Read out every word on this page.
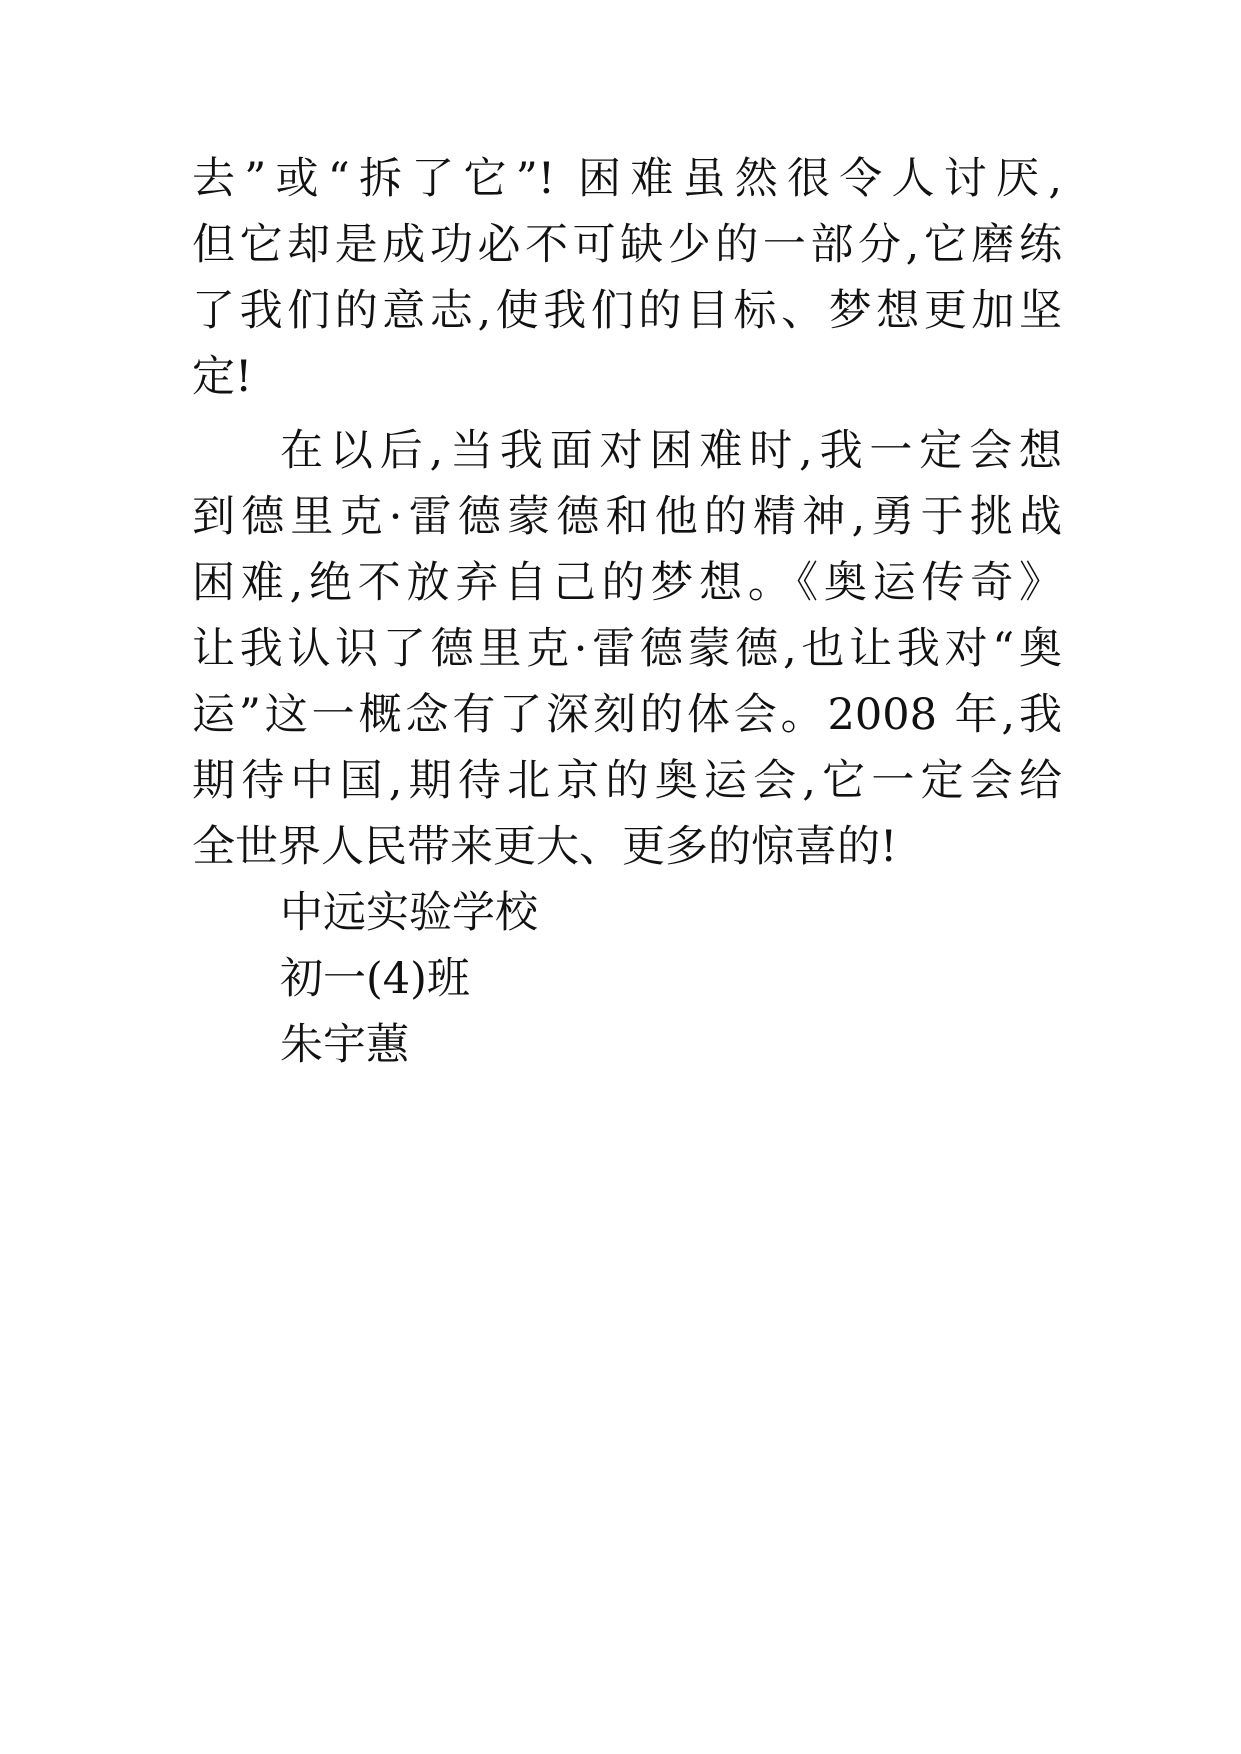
去”或“拆了它”! 困难虽然很令人讨厌,
但它却是成功必不可缺少的一部分,它磨练
了我们的意志,使我们的目标、梦想更加坚
定!
在以后,当我面对困难时,我一定会想
到德里克·雷德蒙德和他的精神,勇于挑战
困难,绝不放弃自己的梦想。《奥运传奇》
让我认识了德里克·雷德蒙德,也让我对“奥
运”这一概念有了深刻的体会。2008 年,我
期待中国,期待北京的奥运会,它一定会给
全世界人民带来更大、更多的惊喜的!
中远实验学校
初一(4)班
朱宇蕙
